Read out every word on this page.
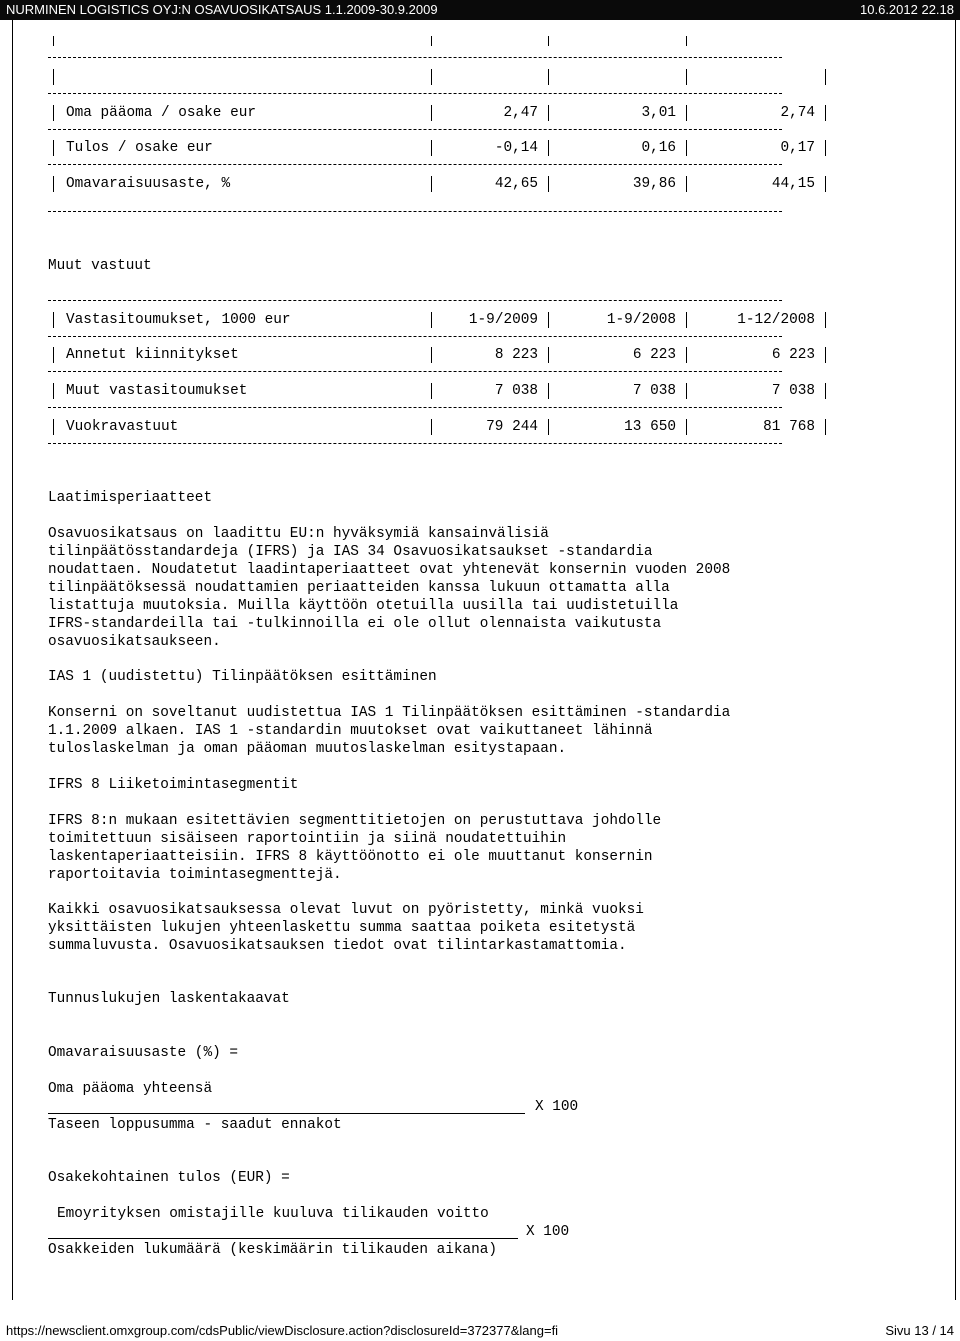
NURMINEN LOGISTICS OYJ:N OSAVUOSIKATSAUS 1.1.2009-30.9.2009	10.6.2012 22.18
Oma pääoma / osake eur	2,47	3,01	2,74
Tulos / osake eur	-0,14	0,16	0,17
Omavaraisuusaste, %	42,65	39,86	44,15
Muut vastuut
Vastasitoumukset, 1000 eur	1-9/2009	1-9/2008	1-12/2008
Annetut kiinnitykset	8 223	6 223	6 223
Muut vastasitoumukset	7 038	7 038	7 038
Vuokravastuut	79 244	13 650	81 768
Laatimisperiaatteet
Osavuosikatsaus on laadittu EU:n hyväksymiä kansainvälisiä
tilinpäätösstandardeja (IFRS) ja IAS 34 Osavuosikatsaukset -standardia
noudattaen. Noudatetut laadintaperiaatteet ovat yhtenevät konsernin vuoden 2008
tilinpäätöksessä noudattamien periaatteiden kanssa lukuun ottamatta alla
listattuja muutoksia. Muilla käyttöön otetuilla uusilla tai uudistetuilla
IFRS-standardeilla tai -tulkinnoilla ei ole ollut olennaista vaikutusta
osavuosikatsaukseen.
IAS 1 (uudistettu) Tilinpäätöksen esittäminen
Konserni on soveltanut uudistettua IAS 1 Tilinpäätöksen esittäminen -standardia
1.1.2009 alkaen. IAS 1 -standardin muutokset ovat vaikuttaneet lähinnä
tuloslaskelman ja oman pääoman muutoslaskelman esitystapaan.
IFRS 8 Liiketoimintasegmentit
IFRS 8:n mukaan esitettävien segmenttitietojen on perustuttava johdolle
toimitettuun sisäiseen raportointiin ja siinä noudatettuihin
laskentaperiaatteisiin. IFRS 8 käyttöönotto ei ole muuttanut konsernin
raportoitavia toimintasegmenttejä.
Kaikki osavuosikatsauksessa olevat luvut on pyöristetty, minkä vuoksi
yksittäisten lukujen yhteenlaskettu summa saattaa poiketa esitetystä
summaluvusta. Osavuosikatsauksen tiedot ovat tilintarkastamattomia.
Tunnuslukujen laskentakaavat
Omavaraisuusaste (%) =
Oma pääoma yhteensä
X 100
Taseen loppusumma - saadut ennakot
Osakekohtainen tulos (EUR) =
Emoyrityksen omistajille kuuluva tilikauden voitto
X 100
Osakkeiden lukumäärä (keskimäärin tilikauden aikana)
https://newsclient.omxgroup.com/cdsPublic/viewDisclosure.action?disclosureId=372377&lang=fi	Sivu 13 / 14
